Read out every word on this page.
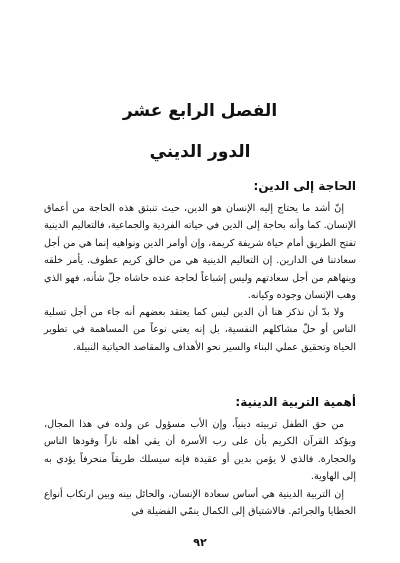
الفصل الرابع عشر
الدور الديني
الحاجة إلى الدين:

إنّ أشد ما يحتاج إليه الإنسان هو الدين، حيث تنبثق هذه الحاجة من أعماق الإنسان. كما وأنه بحاجة إلى الدين في حياته الفردية والجماعية، فالتعاليم الدينية تفتح الطريق أمام حياة شريفة كريمة، وإن أوامر الدين ونواهيه إنما هي من أجل سعادتنا في الدارين. إن التعاليم الدينية هي من خالق كريم عطوف. يأمر خلقه وينهاهم من أجل سعادتهم وليس إشباعاً لحاجة عنده حاشاه جلّ شأنه، فهو الذي وهب الإنسان وجوده وكيانه.

ولا بدّ أن نذكر هنا أن الدين ليس كما يعتقد بعضهم أنه جاء من أجل تسلية الناس أو حلّ مشاكلهم النفسية، بل إنه يعني نوعاً من المساهمة في تطوير الحياة وتحقيق عملي البناء والسير نحو الأهداف والمقاصد الحياتية النبيلة.

أهمية التربية الدينية:

من حق الطفل تربيته دينياً، وإن الأب مسؤول عن ولده في هذا المجال، ويؤكد القرآن الكريم بأن على رب الأسرة أن يقي أهله ناراً وقودها الناس والحجارة. فالذي لا يؤمن بدين أو عقيدة فإنه سيسلك طريقاً منحرفاً يؤدي به إلى الهاوية.

إن التربية الدينية هي أساس سعادة الإنسان، والحائل بينه وبين ارتكاب أنواع الخطايا والجرائم. فالاشتياق إلى الكمال ينمّي الفضيلة في

٩٢
